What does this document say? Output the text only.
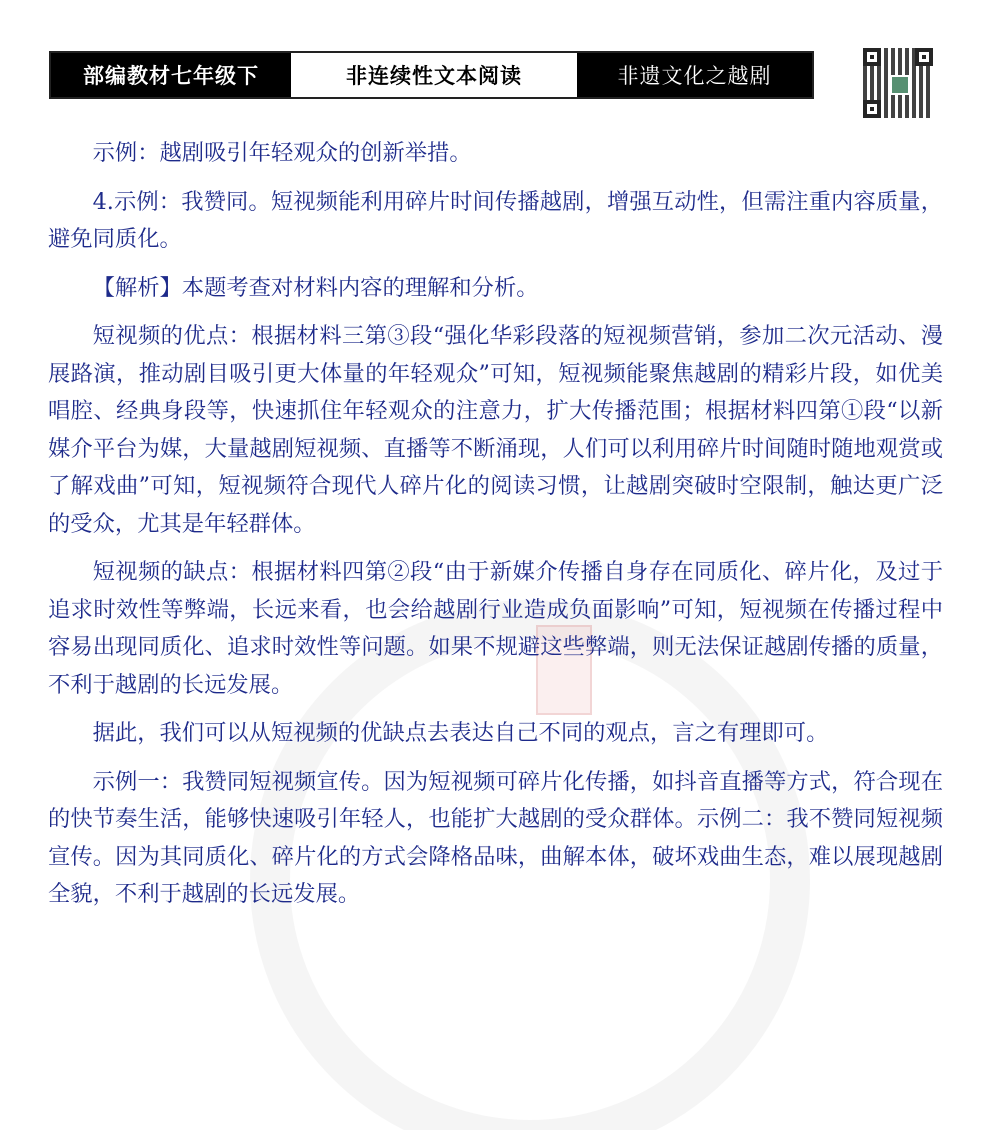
部编教材七年级下	非连续性文本阅读	非遗文化之越剧

示例：越剧吸引年轻观众的创新举措。

4.示例：我赞同。短视频能利用碎片时间传播越剧，增强互动性，但需注重内容质量，避免同质化。

【解析】本题考查对材料内容的理解和分析。

短视频的优点：根据材料三第③段“强化华彩段落的短视频营销，参加二次元活动、漫展路演，推动剧目吸引更大体量的年轻观众”可知，短视频能聚焦越剧的精彩片段，如优美唱腔、经典身段等，快速抓住年轻观众的注意力，扩大传播范围；根据材料四第①段“以新媒介平台为媒，大量越剧短视频、直播等不断涌现，人们可以利用碎片时间随时随地观赏或了解戏曲”可知，短视频符合现代人碎片化的阅读习惯，让越剧突破时空限制，触达更广泛的受众，尤其是年轻群体。

短视频的缺点：根据材料四第②段“由于新媒介传播自身存在同质化、碎片化，及过于追求时效性等弊端，长远来看，也会给越剧行业造成负面影响”可知，短视频在传播过程中容易出现同质化、追求时效性等问题。如果不规避这些弊端，则无法保证越剧传播的质量，不利于越剧的长远发展。

据此，我们可以从短视频的优缺点去表达自己不同的观点，言之有理即可。

示例一：我赞同短视频宣传。因为短视频可碎片化传播，如抖音直播等方式，符合现在的快节奏生活，能够快速吸引年轻人，也能扩大越剧的受众群体。示例二：我不赞同短视频宣传。因为其同质化、碎片化的方式会降格品味，曲解本体，破坏戏曲生态，难以展现越剧全貌，不利于越剧的长远发展。
